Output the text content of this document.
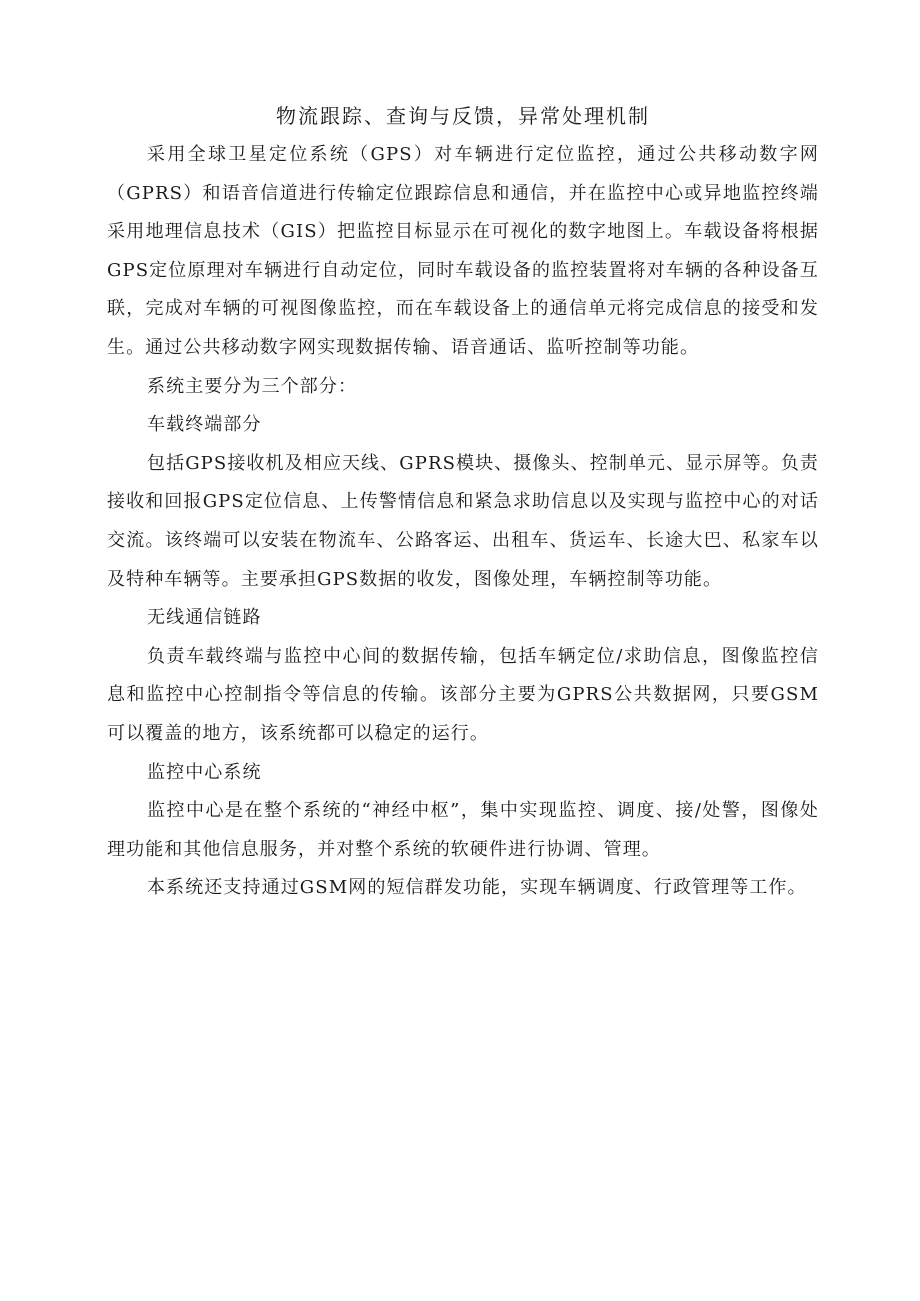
物流跟踪、查询与反馈，异常处理机制

采用全球卫星定位系统（GPS）对车辆进行定位监控，通过公共移动数字网（GPRS）和语音信道进行传输定位跟踪信息和通信，并在监控中心或异地监控终端采用地理信息技术（GIS）把监控目标显示在可视化的数字地图上。车载设备将根据GPS定位原理对车辆进行自动定位，同时车载设备的监控装置将对车辆的各种设备互联，完成对车辆的可视图像监控，而在车载设备上的通信单元将完成信息的接受和发生。通过公共移动数字网实现数据传输、语音通话、监听控制等功能。

系统主要分为三个部分：

车载终端部分

包括GPS接收机及相应天线、GPRS模块、摄像头、控制单元、显示屏等。负责接收和回报GPS定位信息、上传警情信息和紧急求助信息以及实现与监控中心的对话交流。该终端可以安装在物流车、公路客运、出租车、货运车、长途大巴、私家车以及特种车辆等。主要承担GPS数据的收发，图像处理，车辆控制等功能。

无线通信链路

负责车载终端与监控中心间的数据传输，包括车辆定位/求助信息，图像监控信息和监控中心控制指令等信息的传输。该部分主要为GPRS公共数据网，只要GSM可以覆盖的地方，该系统都可以稳定的运行。

监控中心系统

监控中心是在整个系统的“神经中枢”，集中实现监控、调度、接/处警，图像处理功能和其他信息服务，并对整个系统的软硬件进行协调、管理。

本系统还支持通过GSM网的短信群发功能，实现车辆调度、行政管理等工作。
